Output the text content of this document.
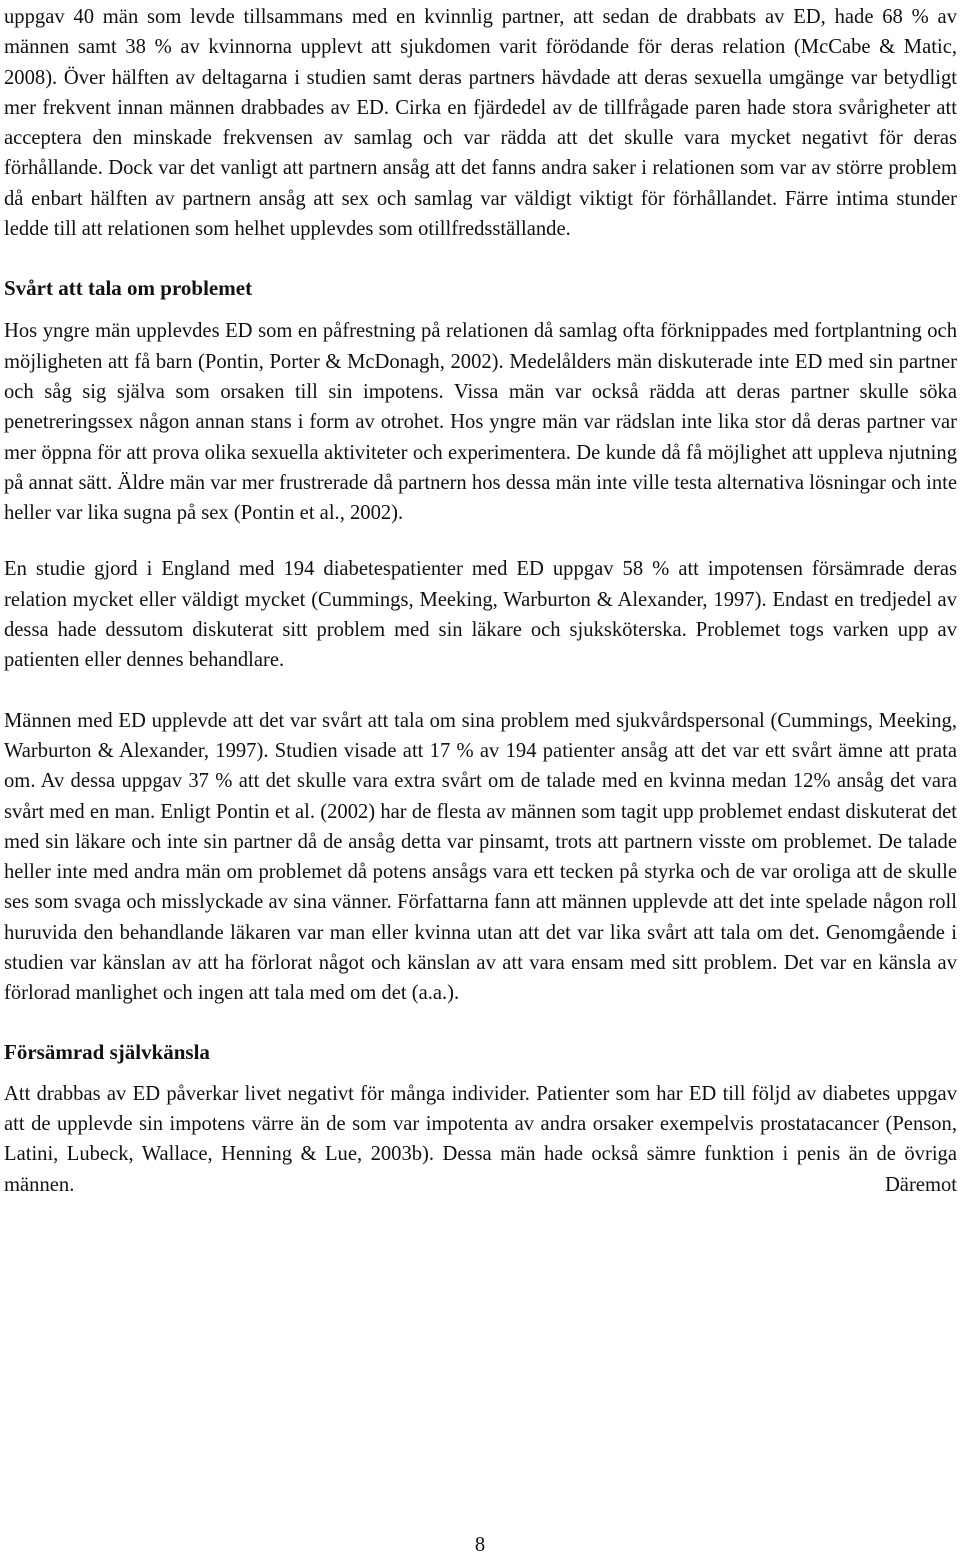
uppgav 40 män som levde tillsammans med en kvinnlig partner, att sedan de drabbats av ED, hade 68 % av männen samt 38 % av kvinnorna upplevt att sjukdomen varit förödande för deras relation (McCabe & Matic, 2008). Över hälften av deltagarna i studien samt deras partners hävdade att deras sexuella umgänge var betydligt mer frekvent innan männen drabbades av ED. Cirka en fjärdedel av de tillfrågade paren hade stora svårigheter att acceptera den minskade frekvensen av samlag och var rädda att det skulle vara mycket negativt för deras förhållande. Dock var det vanligt att partnern ansåg att det fanns andra saker i relationen som var av större problem då enbart hälften av partnern ansåg att sex och samlag var väldigt viktigt för förhållandet. Färre intima stunder ledde till att relationen som helhet upplevdes som otillfredsställande.

Svårt att tala om problemet

Hos yngre män upplevdes ED som en påfrestning på relationen då samlag ofta förknippades med fortplantning och möjligheten att få barn (Pontin, Porter & McDonagh, 2002). Medelålders män diskuterade inte ED med sin partner och såg sig själva som orsaken till sin impotens. Vissa män var också rädda att deras partner skulle söka penetreringssex någon annan stans i form av otrohet. Hos yngre män var rädslan inte lika stor då deras partner var mer öppna för att prova olika sexuella aktiviteter och experimentera. De kunde då få möjlighet att uppleva njutning på annat sätt. Äldre män var mer frustrerade då partnern hos dessa män inte ville testa alternativa lösningar och inte heller var lika sugna på sex (Pontin et al., 2002).

En studie gjord i England med 194 diabetespatienter med ED uppgav 58 % att impotensen försämrade deras relation mycket eller väldigt mycket (Cummings, Meeking, Warburton & Alexander, 1997). Endast en tredjedel av dessa hade dessutom diskuterat sitt problem med sin läkare och sjuksköterska. Problemet togs varken upp av patienten eller dennes behandlare.

Männen med ED upplevde att det var svårt att tala om sina problem med sjukvårdspersonal (Cummings, Meeking, Warburton & Alexander, 1997). Studien visade att 17 % av 194 patienter ansåg att det var ett svårt ämne att prata om. Av dessa uppgav 37 % att det skulle vara extra svårt om de talade med en kvinna medan 12% ansåg det vara svårt med en man. Enligt Pontin et al. (2002) har de flesta av männen som tagit upp problemet endast diskuterat det med sin läkare och inte sin partner då de ansåg detta var pinsamt, trots att partnern visste om problemet. De talade heller inte med andra män om problemet då potens ansågs vara ett tecken på styrka och de var oroliga att de skulle ses som svaga och misslyckade av sina vänner. Författarna fann att männen upplevde att det inte spelade någon roll huruvida den behandlande läkaren var man eller kvinna utan att det var lika svårt att tala om det. Genomgående i studien var känslan av att ha förlorat något och känslan av att vara ensam med sitt problem. Det var en känsla av förlorad manlighet och ingen att tala med om det (a.a.).

Försämrad självkänsla

Att drabbas av ED påverkar livet negativt för många individer. Patienter som har ED till följd av diabetes uppgav att de upplevde sin impotens värre än de som var impotenta av andra orsaker exempelvis prostatacancer (Penson, Latini, Lubeck, Wallace, Henning & Lue, 2003b). Dessa män hade också sämre funktion i penis än de övriga männen. Däremot

8
